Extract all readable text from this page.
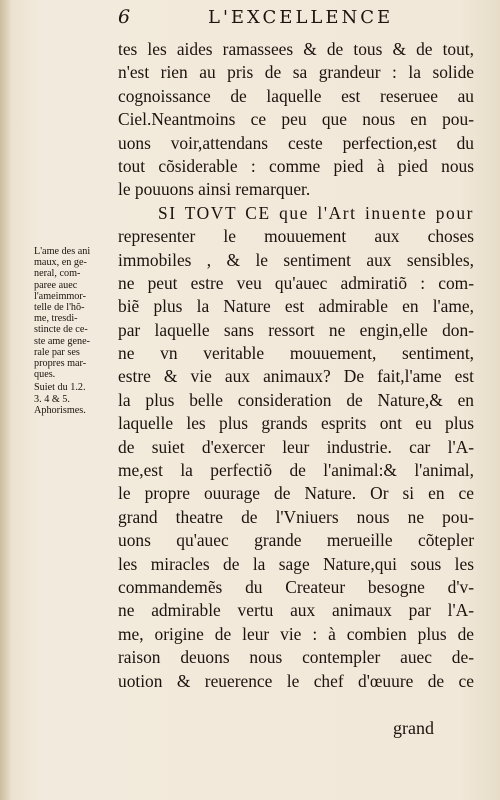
6	L'EXCELLENCE
tes les aides ramassees & de tous & de tout,
n'est rien au pris de sa grandeur : la solide
cognoissance de laquelle est reseruee au
Ciel.Neantmoins ce peu que nous en pou-
uons voir,attendans ceste perfection,est du
tout cõsiderable : comme pied à pied nous
le pouuons ainsi remarquer.
SI TOVT CE que l'Art inuente pour
representer le mouuement aux choses
immobiles , & le sentiment aux sensibles,
ne peut estre veu qu'auec admiratiõ : com-
biẽ plus la Nature est admirable en l'ame,
par laquelle sans ressort ne engin,elle don-
ne vn veritable mouuement, sentiment,
estre & vie aux animaux? De fait,l'ame est
la plus belle consideration de Nature,& en
laquelle les plus grands esprits ont eu plus
de suiet d'exercer leur industrie. car l'A-
me,est la perfectiõ de l'animal:& l'animal,
le propre ouurage de Nature. Or si en ce
grand theatre de l'Vniuers nous ne pou-
uons qu'auec grande merueille cõtepler
les miracles de la sage Nature,qui sous les
commandemẽs du Createur besogne d'v-
ne admirable vertu aux animaux par l'A-
me, origine de leur vie : à combien plus de
raison deuons nous contempler auec de-
uotion & reuerence le chef d'œuure de ce
L'ame des ani
maux, en ge-
neral, com-
paree auec
l'ameimmor-
telle de l'hõ-
me, tresdi-
stincte de ce-
ste ame gene-
rale par ses
propres mar-
ques.
Suiet du 1.2.
3. 4 & 5.
Aphorismes.
grand
